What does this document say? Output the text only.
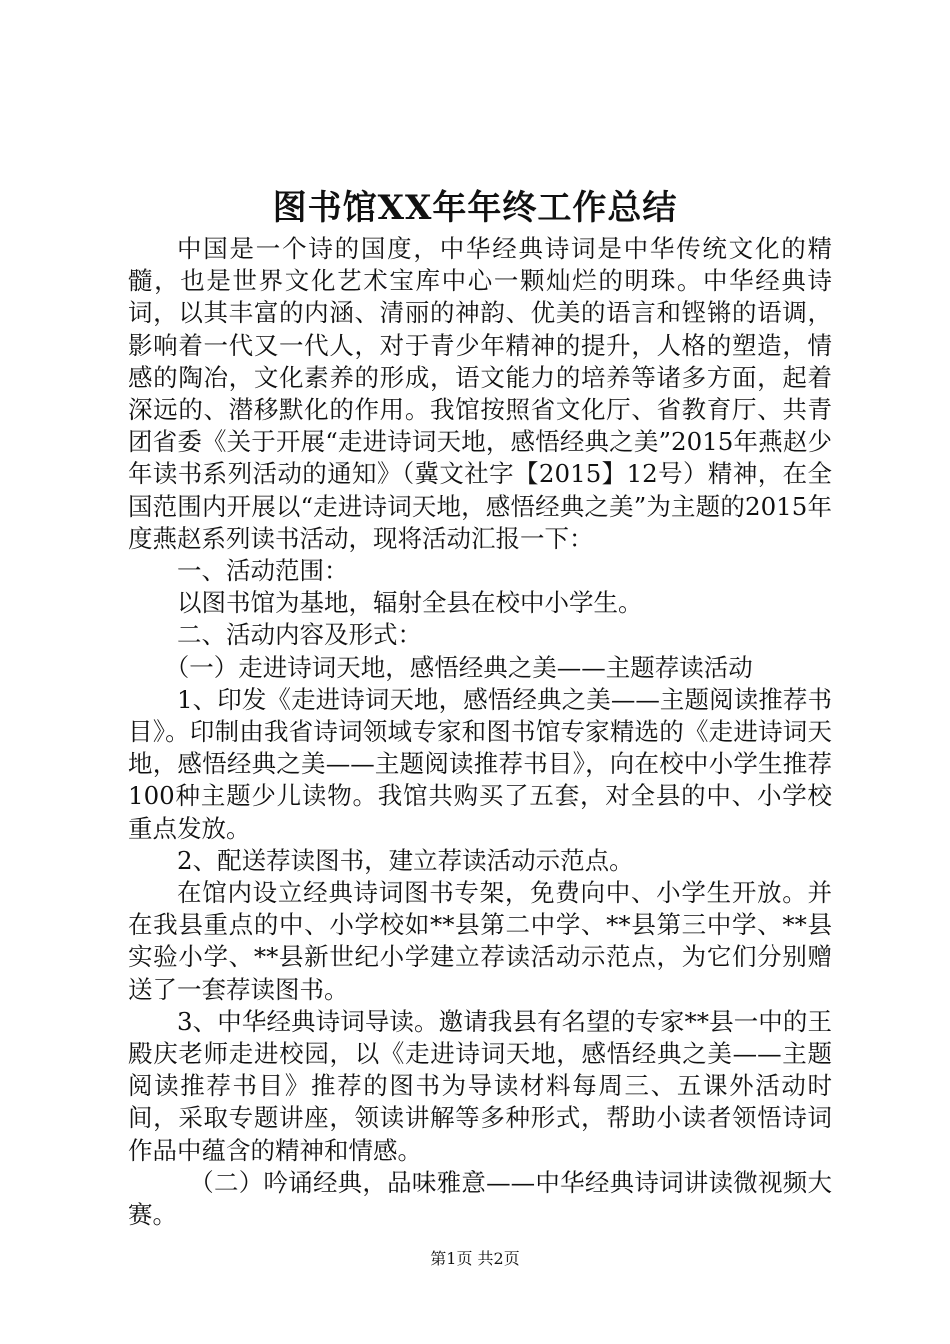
图书馆XX年年终工作总结

中国是一个诗的国度，中华经典诗词是中华传统文化的精髓，也是世界文化艺术宝库中心一颗灿烂的明珠。中华经典诗词，以其丰富的内涵、清丽的神韵、优美的语言和铿锵的语调，影响着一代又一代人，对于青少年精神的提升，人格的塑造，情感的陶冶，文化素养的形成，语文能力的培养等诸多方面，起着深远的、潜移默化的作用。我馆按照省文化厅、省教育厅、共青团省委《关于开展“走进诗词天地，感悟经典之美”2015年燕赵少年读书系列活动的通知》（冀文社字【2015】12号）精神，在全国范围内开展以“走进诗词天地，感悟经典之美”为主题的2015年度燕赵系列读书活动，现将活动汇报一下：

一、活动范围：

以图书馆为基地，辐射全县在校中小学生。

二、活动内容及形式：

（一）走进诗词天地，感悟经典之美——主题荐读活动

1、印发《走进诗词天地，感悟经典之美——主题阅读推荐书目》。印制由我省诗词领域专家和图书馆专家精选的《走进诗词天地，感悟经典之美——主题阅读推荐书目》，向在校中小学生推荐100种主题少儿读物。我馆共购买了五套，对全县的中、小学校重点发放。

2、配送荐读图书，建立荐读活动示范点。

在馆内设立经典诗词图书专架，免费向中、小学生开放。并在我县重点的中、小学校如**县第二中学、**县第三中学、**县实验小学、**县新世纪小学建立荐读活动示范点，为它们分别赠送了一套荐读图书。

3、中华经典诗词导读。邀请我县有名望的专家**县一中的王殿庆老师走进校园，以《走进诗词天地，感悟经典之美——主题阅读推荐书目》推荐的图书为导读材料每周三、五课外活动时间，采取专题讲座，领读讲解等多种形式，帮助小读者领悟诗词作品中蕴含的精神和情感。

（二）吟诵经典，品味雅意——中华经典诗词讲读微视频大赛。

第1页 共2页
